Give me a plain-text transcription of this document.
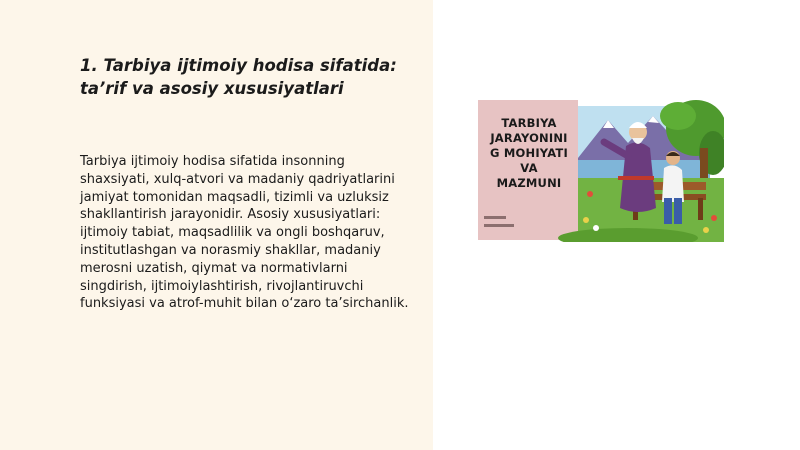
1. Tarbiya ijtimoiy hodisa sifatida: ta’rif va asosiy xususiyatlari

Tarbiya ijtimoiy hodisa sifatida insonning shaxsiyati, xulq-atvori va madaniy qadriyatlarini jamiyat tomonidan maqsadli, tizimli va uzluksiz shakllantirish jarayonidir. Asosiy xususiyatlari: ijtimoiy tabiat, maqsadlilik va ongli boshqaruv, institutlashgan va norasmiy shakllar, madaniy merosni uzatish, qiymat va normativlarni singdirish, ijtimoiylashtirish, rivojlantiruvchi funksiyasi va atrof-muhit bilan o‘zaro ta’sirchanlik.

TARBIYA
JARAYONINI
G MOHIYATI
VA
MAZMUNI
